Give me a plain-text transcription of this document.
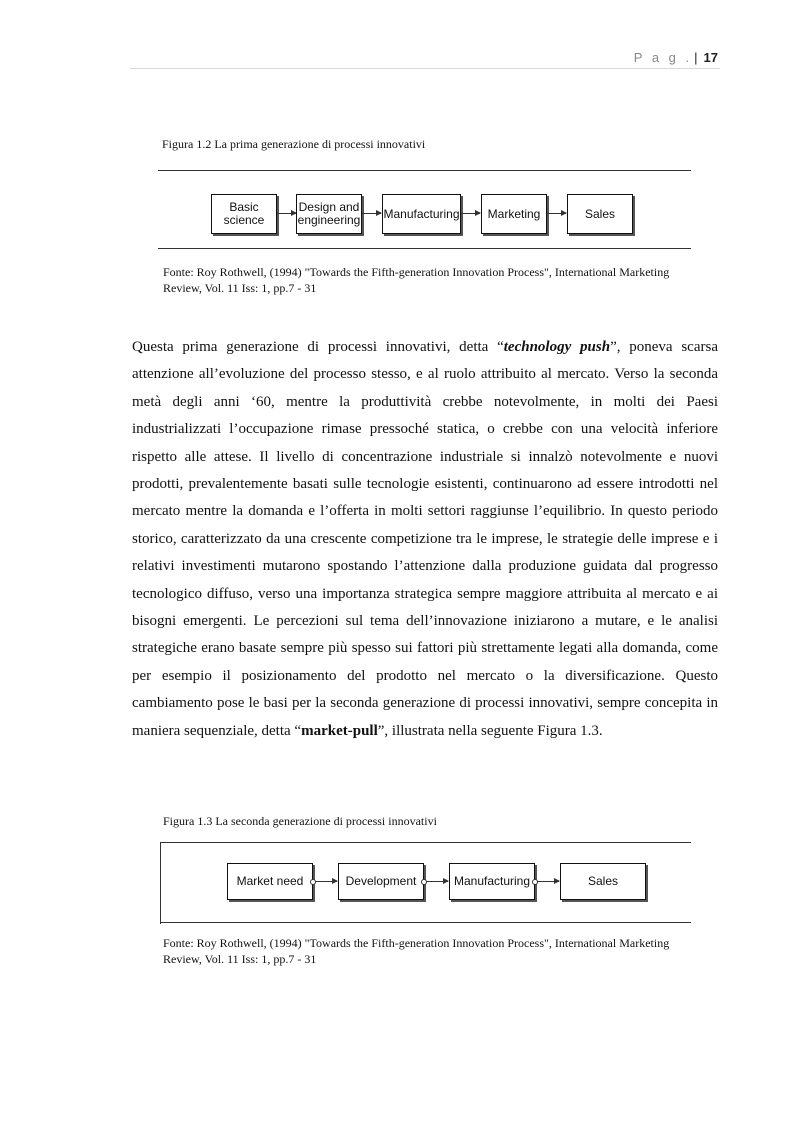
P a g . | 17
Figura 1.2 La prima generazione di processi innovativi
Basic science
Design and engineering Manufacturing	Marketing	Sales
Fonte: Roy Rothwell, (1994) "Towards the Fifth-generation Innovation Process", International Marketing Review, Vol. 11 Iss: 1, pp.7 - 31
Questa prima generazione di processi innovativi, detta “technology push”, poneva scarsa attenzione all’evoluzione del processo stesso, e al ruolo attribuito al mercato. Verso la seconda metà degli anni ‘60, mentre la produttività crebbe notevolmente, in molti dei Paesi industrializzati l’occupazione rimase pressoché statica, o crebbe con una velocità inferiore rispetto alle attese. Il livello di concentrazione industriale si innalzò notevolmente e nuovi prodotti, prevalentemente basati sulle tecnologie esistenti, continuarono ad essere introdotti nel mercato mentre la domanda e l’offerta in molti settori raggiunse l’equilibrio. In questo periodo storico, caratterizzato da una crescente competizione tra le imprese, le strategie delle imprese e i relativi investimenti mutarono spostando l’attenzione dalla produzione guidata dal progresso tecnologico diffuso, verso una importanza strategica sempre maggiore attribuita al mercato e ai bisogni emergenti. Le percezioni sul tema dell’innovazione iniziarono a mutare, e le analisi strategiche erano basate sempre più spesso sui fattori più strettamente legati alla domanda, come per esempio il posizionamento del prodotto nel mercato o la diversificazione. Questo cambiamento pose le basi per la seconda generazione di processi innovativi, sempre concepita in maniera sequenziale, detta “market-pull”, illustrata nella seguente Figura 1.3.
Figura 1.3 La seconda generazione di processi innovativi
Market need	Development	Manufacturing	Sales
Fonte: Roy Rothwell, (1994) "Towards the Fifth-generation Innovation Process", International Marketing Review, Vol. 11 Iss: 1, pp.7 - 31
